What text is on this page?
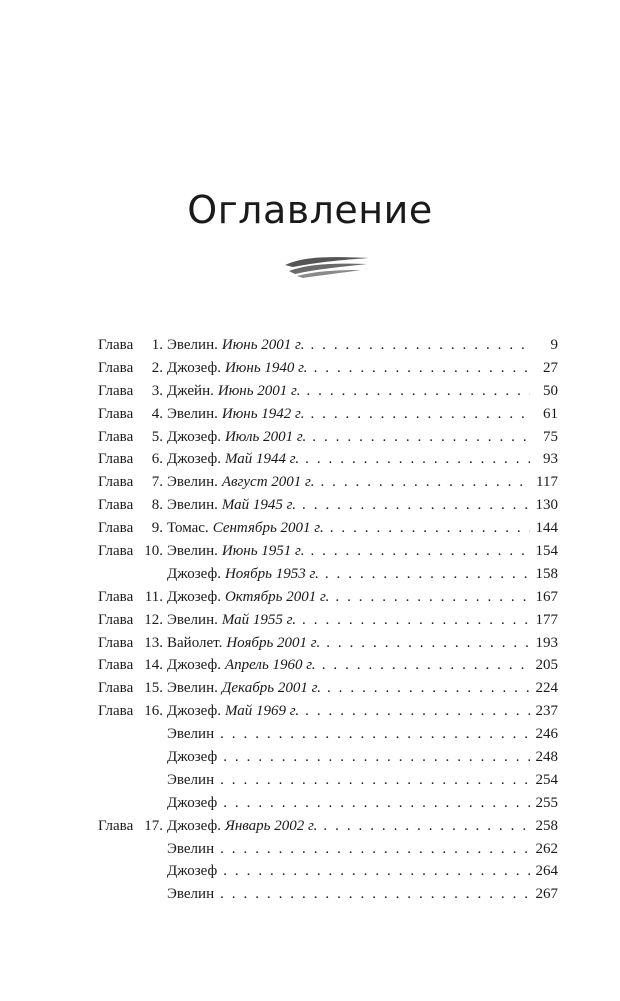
Оглавление
Глава	1. Эвелин. Июнь 2001 г. . . .	9
Глава	2. Джозеф. Июнь 1940 г. . . .	27
Глава	3. Джейн. Июнь 2001 г. . . .	50
Глава	4. Эвелин. Июнь 1942 г. . . .	61
Глава	5. Джозеф. Июль 2001 г. . . .	75
Глава	6. Джозеф. Май 1944 г. . . .	93
Глава	7. Эвелин. Август 2001 г. . . .	117
Глава	8. Эвелин. Май 1945 г. . . .	130
Глава	9. Томас. Сентябрь 2001 г. . . .	144
Глава 10. Эвелин. Июнь 1951 г. . . .	154
Джозеф. Ноябрь 1953 г. . . .	158
Глава 11. Джозеф. Октябрь 2001 г. . . .	167
Глава 12. Эвелин. Май 1955 г. . . .	177
Глава 13. Вайолет. Ноябрь 2001 г. . . .	193
Глава 14. Джозеф. Апрель 1960 г. . . .	205
Глава 15. Эвелин. Декабрь 2001 г. . . .	224
Глава 16. Джозеф. Май 1969 г. . . .	237
Эвелин . . .	246
Джозеф . . .	248
Эвелин . . .	254
Джозеф . . .	255
Глава 17. Джозеф. Январь 2002 г. . . .	258
Эвелин . . .	262
Джозеф . . .	264
Эвелин . . .	267
